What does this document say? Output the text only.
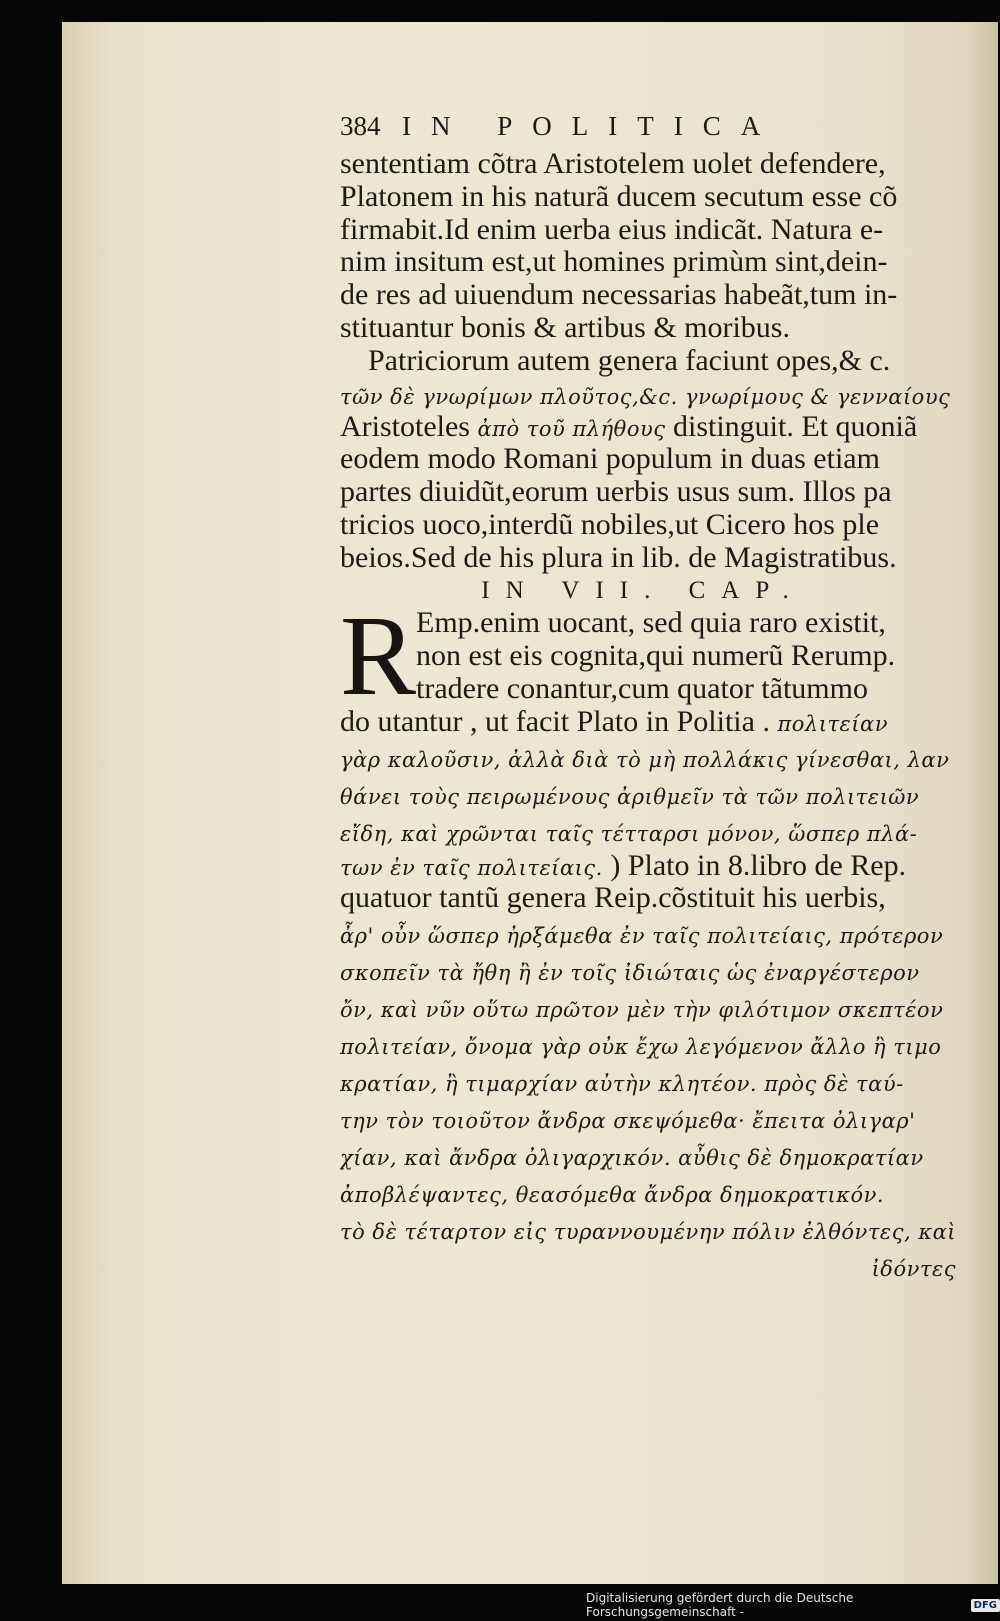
384 IN POLITICA
sententiam cõtra Aristotelem uolet defendere,
Platonem in his naturã ducem secutum esse cõ
firmabit.Id enim uerba eius indicãt. Natura e-
nim insitum est,ut homines primùm sint,dein-
de res ad uiuendum necessarias habeãt,tum in-
stituantur bonis & artibus & moribus.
Patriciorum autem genera faciunt opes,& c.
τῶν δὲ γνωρίμων πλοῦτος,&c. γνωρίμους & γενναίους
Aristoteles ἀπὸ τοῦ πλήθους distinguit. Et quoniã
eodem modo Romani populum in duas etiam
partes diuidũt,eorum uerbis usus sum. Illos pa
tricios uoco,interdũ nobiles,ut Cicero hos ple
beios.Sed de his plura in lib. de Magistratibus.
IN VII. CAP.
R Emp.enim uocant, sed quia raro existit,
non est eis cognita,qui numerũ Rerump.
tradere conantur,cum quator tãtummo
do utantur , ut facit Plato in Politia . πολιτείαν
γὰρ καλοῦσιν, ἀλλὰ διὰ τὸ μὴ πολλάκις γίνεσθαι, λαν
θάνει τοὺς πειρωμένους ἀριθμεῖν τὰ τῶν πολιτειῶν
εἴδη, καὶ χρῶνται ταῖς τέτταρσι μόνον, ὥσπερ πλά-
των ἐν ταῖς πολιτείαις. ) Plato in 8.libro de Rep.
quatuor tantũ genera Reip.cõstituit his uerbis,
ἆρ' οὖν ὥσπερ ἠρξάμεθα ἐν ταῖς πολιτείαις, πρότερον
σκοπεῖν τὰ ἤθη ἢ ἐν τοῖς ἰδιώταις ὡς ἐναργέστερον
ὄν, καὶ νῦν οὕτω πρῶτον μὲν τὴν φιλότιμον σκεπτέον
πολιτείαν, ὄνομα γὰρ οὐκ ἔχω λεγόμενον ἄλλο ἢ τιμο
κρατίαν, ἢ τιμαρχίαν αὐτὴν κλητέον. πρὸς δὲ ταύ-
την τὸν τοιοῦτον ἄνδρα σκεψόμεθα· ἔπειτα ὀλιγαρ'
χίαν, καὶ ἄνδρα ὀλιγαρχικόν. αὖθις δὲ δημοκρατίαν
ἀποβλέψαντες, θεασόμεθα ἄνδρα δημοκρατικόν.
τὸ δὲ τέταρτον εἰς τυραννουμένην πόλιν ἐλθόντες, καὶ
ἰδόντες
Digitalisierung gefördert durch die Deutsche Forschungsgemeinschaft -	DFG
